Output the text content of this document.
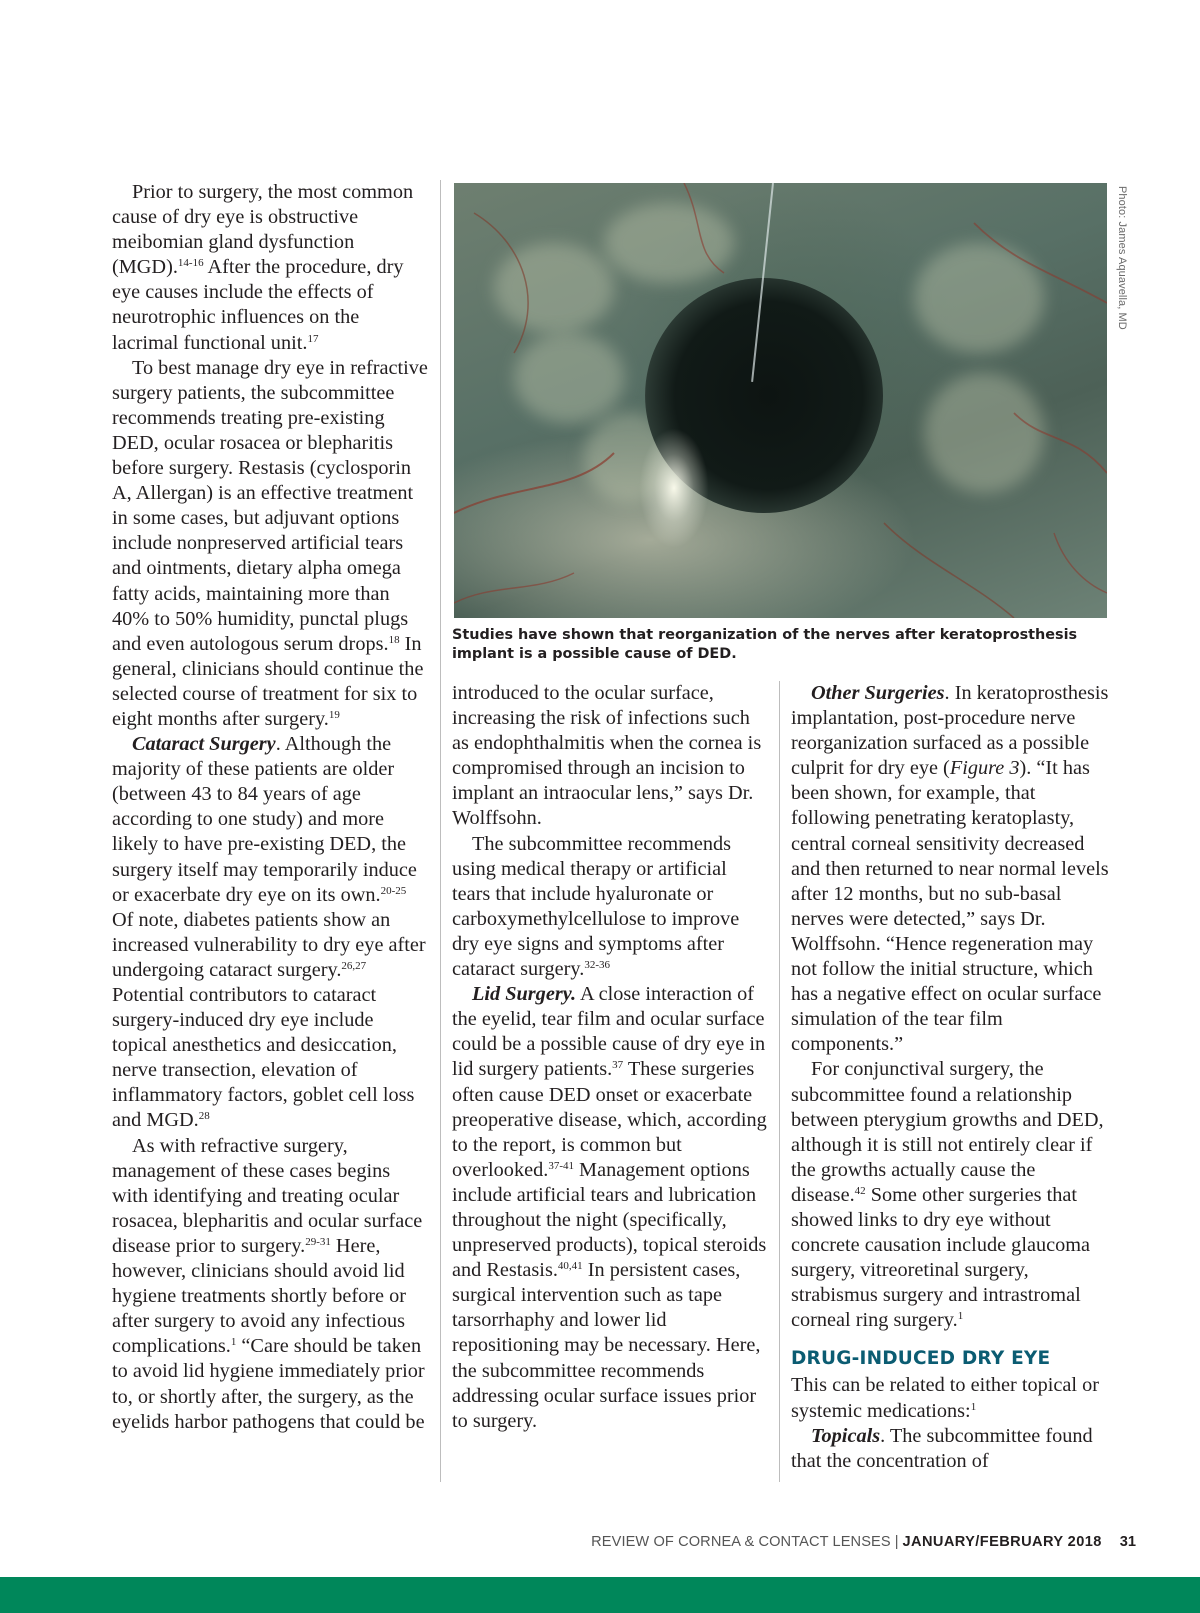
Prior to surgery, the most common cause of dry eye is obstructive meibomian gland dysfunction (MGD).$^{14-16}$ After the procedure, dry eye causes include the effects of neurotrophic influences on the lacrimal functional unit.$^{17}$

To best manage dry eye in refractive surgery patients, the subcommittee recommends treating pre-existing DED, ocular rosacea or blepharitis before surgery. Restasis (cyclosporin A, Allergan) is an effective treatment in some cases, but adjuvant options include nonpreserved artificial tears and ointments, dietary alpha omega fatty acids, maintaining more than 40% to 50% humidity, punctal plugs and even autologous serum drops.$^{18}$ In general, clinicians should continue the selected course of treatment for six to eight months after surgery.$^{19}$

Cataract Surgery. Although the majority of these patients are older (between 43 to 84 years of age according to one study) and more likely to have pre-existing DED, the surgery itself may temporarily induce or exacerbate dry eye on its own.$^{20-25}$ Of note, diabetes patients show an increased vulnerability to dry eye after undergoing cataract surgery.$^{26,27}$ Potential contributors to cataract surgery-induced dry eye include topical anesthetics and desiccation, nerve transection, elevation of inflammatory factors, goblet cell loss and MGD.$^{28}$

As with refractive surgery, management of these cases begins with identifying and treating ocular rosacea, blepharitis and ocular surface disease prior to surgery.$^{29-31}$ Here, however, clinicians should avoid lid hygiene treatments shortly before or after surgery to avoid any infectious complications.$^1$ “Care should be taken to avoid lid hygiene immediately prior to, or shortly after, the surgery, as the eyelids harbor pathogens that could be

Photo: James Aquavella, MD
Studies have shown that reorganization of the nerves after keratoprosthesis implant is a possible cause of DED.

introduced to the ocular surface, increasing the risk of infections such as endophthalmitis when the cornea is compromised through an incision to implant an intraocular lens,” says Dr. Wolffsohn.

The subcommittee recommends using medical therapy or artificial tears that include hyaluronate or carboxymethylcellulose to improve dry eye signs and symptoms after cataract surgery.$^{32-36}$

Lid Surgery. A close interaction of the eyelid, tear film and ocular surface could be a possible cause of dry eye in lid surgery patients.$^{37}$ These surgeries often cause DED onset or exacerbate preoperative disease, which, according to the report, is common but overlooked.$^{37-41}$ Management options include artificial tears and lubrication throughout the night (specifically, unpreserved products), topical steroids and Restasis.$^{40,41}$ In persistent cases, surgical intervention such as tape tarsorrhaphy and lower lid repositioning may be necessary. Here, the subcommittee recommends addressing ocular surface issues prior to surgery.

Other Surgeries. In keratoprosthesis implantation, post-procedure nerve reorganization surfaced as a possible culprit for dry eye (Figure 3). “It has been shown, for example, that following penetrating keratoplasty, central corneal sensitivity decreased and then returned to near normal levels after 12 months, but no sub-basal nerves were detected,” says Dr. Wolffsohn. “Hence regeneration may not follow the initial structure, which has a negative effect on ocular surface simulation of the tear film components.”

For conjunctival surgery, the subcommittee found a relationship between pterygium growths and DED, although it is still not entirely clear if the growths actually cause the disease.$^{42}$ Some other surgeries that showed links to dry eye without concrete causation include glaucoma surgery, vitreoretinal surgery, strabismus surgery and intrastromal corneal ring surgery.$^1$

DRUG-INDUCED DRY EYE

This can be related to either topical or systemic medications:$^1$

Topicals. The subcommittee found that the concentration of

REVIEW OF CORNEA & CONTACT LENSES | JANUARY/FEBRUARY 2018 31
